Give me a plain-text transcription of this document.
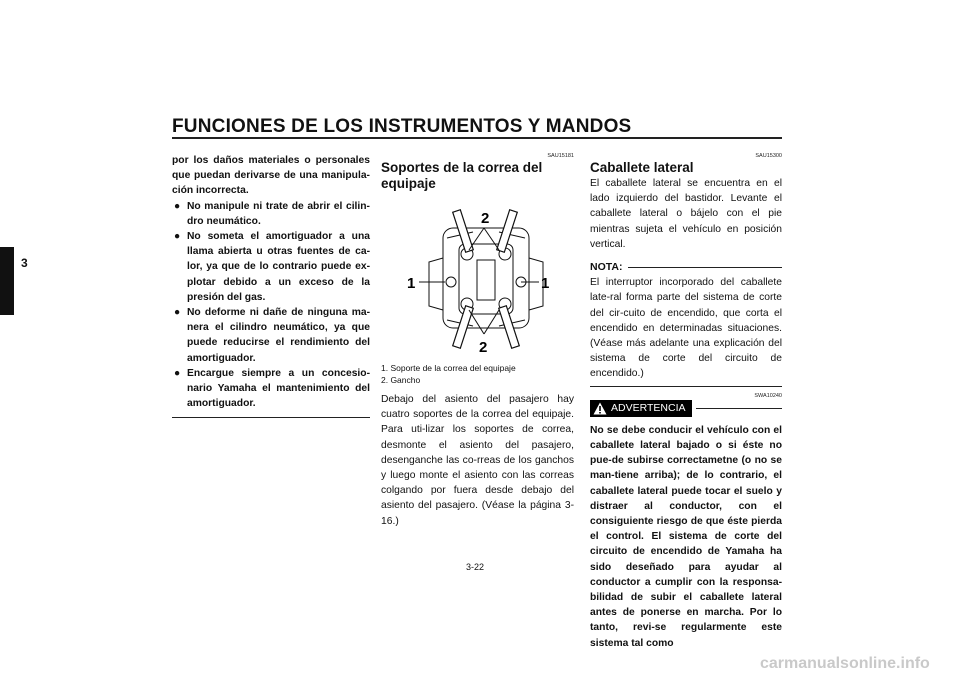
FUNCIONES DE LOS INSTRUMENTOS Y MANDOS
3
por los daños materiales o personales que puedan derivarse de una manipula-ción incorrecta.
● No manipule ni trate de abrir el cilin-dro neumático.
● No someta el amortiguador a una llama abierta u otras fuentes de ca-lor, ya que de lo contrario puede ex-plotar debido a un exceso de la presión del gas.
● No deforme ni dañe de ninguna ma-nera el cilindro neumático, ya que puede reducirse el rendimiento del amortiguador.
● Encargue siempre a un concesio-nario Yamaha el mantenimiento del amortiguador.
SAU15181
Soportes de la correa del equipaje
2
1	1
2
1. Soporte de la correa del equipaje
2. Gancho
Debajo del asiento del pasajero hay cuatro soportes de la correa del equipaje. Para uti-lizar los soportes de correa, desmonte el asiento del pasajero, desenganche las co-rreas de los ganchos y luego monte el asiento con las correas colgando por fuera desde debajo del asiento del pasajero. (Véase la página 3-16.)
SAU15300
Caballete lateral
El caballete lateral se encuentra en el lado izquierdo del bastidor. Levante el caballete lateral o bájelo con el pie mientras sujeta el vehículo en posición vertical.
NOTA:
El interruptor incorporado del caballete late-ral forma parte del sistema de corte del cir-cuito de encendido, que corta el encendido en determinadas situaciones. (Véase más adelante una explicación del sistema de corte del circuito de encendido.)
SWA10240
ADVERTENCIA
No se debe conducir el vehículo con el caballete lateral bajado o si éste no pue-de subirse correctametne (o no se man-tiene arriba); de lo contrario, el caballete lateral puede tocar el suelo y distraer al conductor, con el consiguiente riesgo de que éste pierda el control. El sistema de corte del circuito de encendido de Yamaha ha sido deseñado para ayudar al conductor a cumplir con la responsa-bilidad de subir el caballete lateral antes de ponerse en marcha. Por lo tanto, revi-se regularmente este sistema tal como
3-22
carmanualsonline.info
